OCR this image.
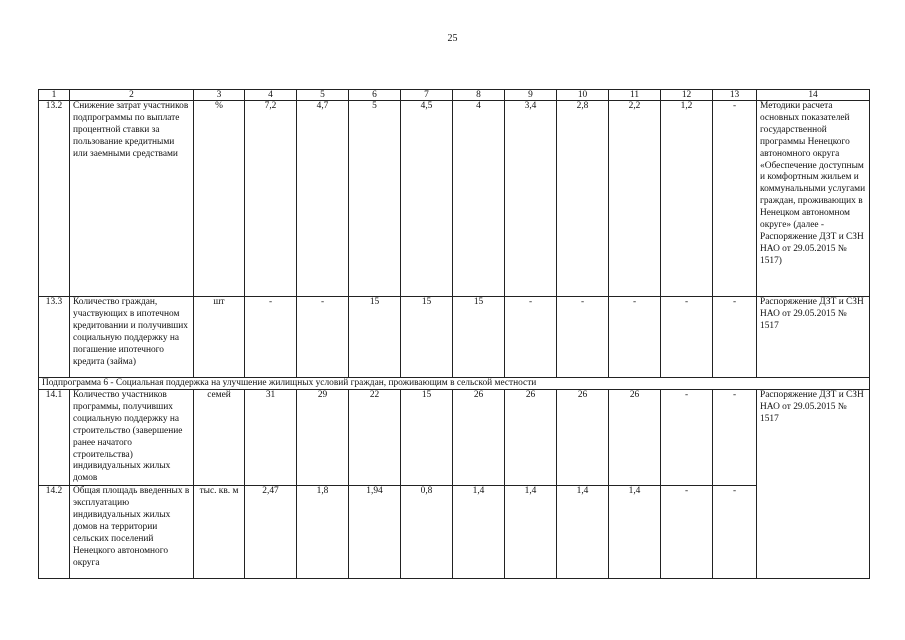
25
1	2	3	4	5	6	7	8	9	10	11	12	13	14
13.2	Снижение затрат участников подпрограммы по выплате процентной ставки за пользование кредитными или заемными средствами	%	7,2	4,7	5	4,5	4	3,4	2,8	2,2	1,2	-	Методики расчета основных показателей государственной программы Ненецкого автономного округа «Обеспечение доступным и комфортным жильем и коммунальными услугами граждан, проживающих в Ненецком автономном округе» (далее - Распоряжение ДЗТ и СЗН НАО от 29.05.2015 № 1517)
13.3	Количество граждан, участвующих в ипотечном кредитовании и получивших социальную поддержку на погашение ипотечного кредита (займа)	шт	-	-	15	15	15	-	-	-	-	-	Распоряжение ДЗТ и СЗН НАО от 29.05.2015 № 1517
Подпрограмма 6 - Социальная поддержка на улучшение жилищных условий граждан, проживающим в сельской местности													
14.1	Количество участников программы, получивших социальную поддержку на строительство (завершение ранее начатого строительства) индивидуальных жилых домов	семей	31	29	22	15	26	26	26	26	-	-	Распоряжение ДЗТ и СЗН НАО от 29.05.2015 № 1517
14.2	Общая площадь введенных в эксплуатацию индивидуальных жилых домов на территории сельских поселений Ненецкого автономного округа	тыс. кв. м	2,47	1,8	1,94	0,8	1,4	1,4	1,4	1,4	-	-	
